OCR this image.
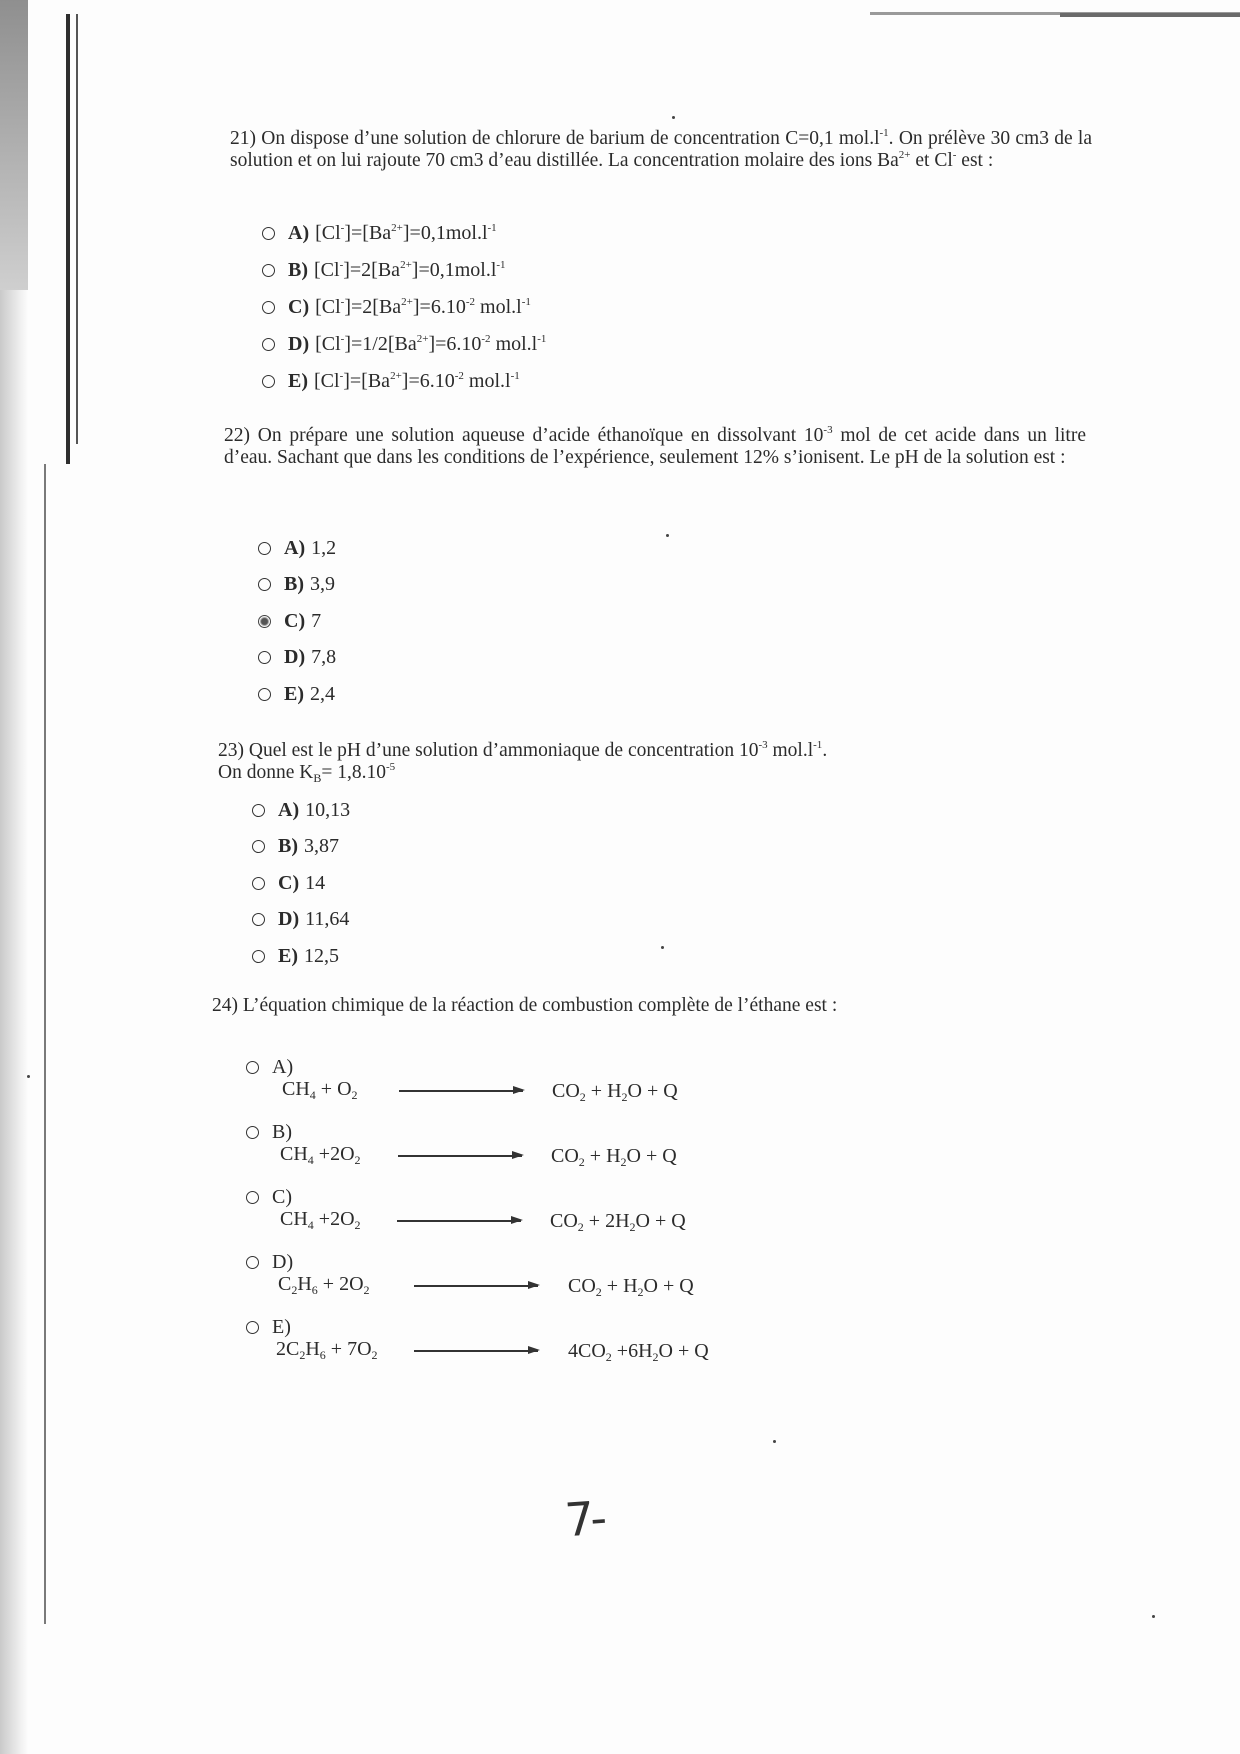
21) On dispose d’une solution de chlorure de barium de concentration C=0,1 $mol.l^{-1}$. On prélève 30 cm3 de la solution et on lui rajoute 70 cm3 d’eau distillée. La concentration molaire des ions $Ba^{2+}$ et Cl- est :

A) $[Cl^-]=[Ba^{2+}]=0,1mol.l^{-1}$
B) $[Cl^-]=2[Ba^{2+}]=0,1mol.l^{-1}$
C) $[Cl^-]=2[Ba^{2+}]=6.10^{-2}$ $mol.l^{-1}$
D) $[Cl^-]=1/2[Ba^{2+}]=6.10^{-2}$ $mol.l^{-1}$
E) $[Cl^-]=[Ba^{2+}]=6.10^{-2}$ $mol.l^{-1}$

22) On prépare une solution aqueuse d’acide éthanoïque en dissolvant $10^{-3}$ mol de cet acide dans un litre d’eau. Sachant que dans les conditions de l’expérience, seulement 12% s’ionisent. Le pH de la solution est :

A) 1,2
B) 3,9
C) 7
D) 7,8
E) 2,4

23) Quel est le pH d’une solution d’ammoniaque de concentration $10^{-3}$ $mol.l^{-1}$.

On donne $K_B= 1,8.10^{-5}$

A) 10,13
B) 3,87
C) 14
D) 11,64
E) 12,5

24) L’équation chimique de la réaction de combustion complète de l’éthane est :

A)
$CH_4 + O_2$	$CO_2 + H_2O + Q$
B)
$CH_4 +2O_2$	$CO_2 + H_2O + Q$
C)
$CH_4 +2O_2$	$CO_2 + 2H_2O + Q$
D)
$C_2H_6 + 2O_2$	$CO_2 + H_2O + Q$
E)
$2C_2H_6 + 7O_2$	$4CO_2 +6H_2O + Q$
7-
